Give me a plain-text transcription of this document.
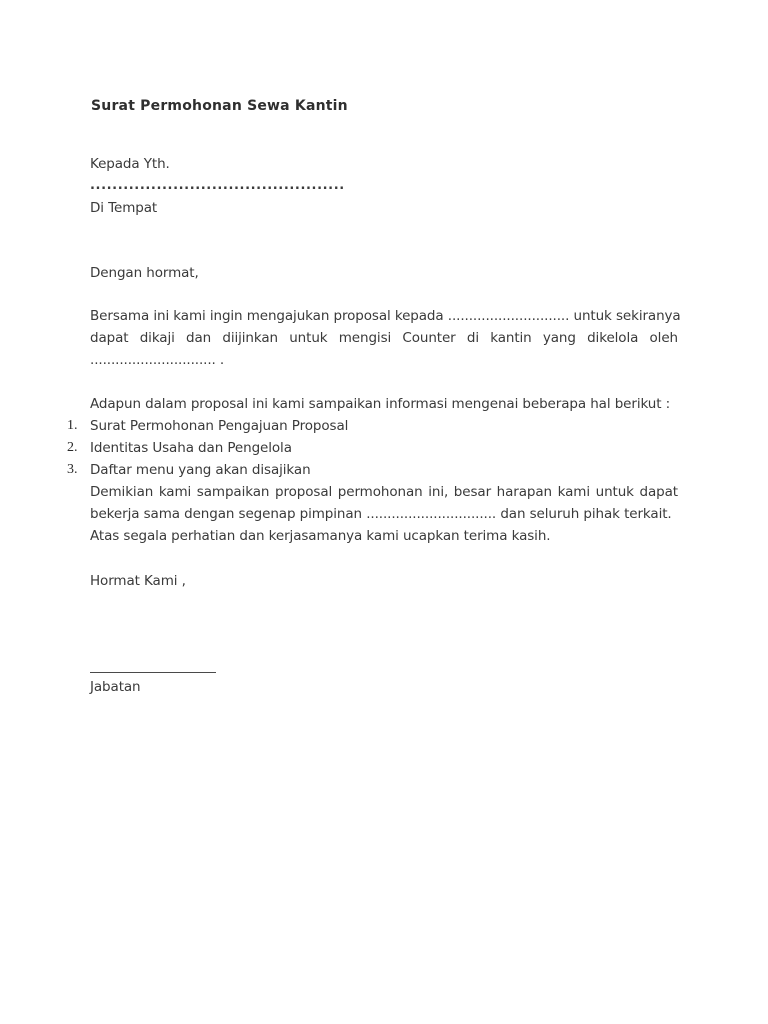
Surat Permohonan Sewa Kantin
Kepada Yth.
..............................................
Di Tempat
Dengan hormat,
Bersama ini kami ingin mengajukan proposal kepada ............................. untuk sekiranya
dapat dikaji dan diijinkan untuk mengisi Counter di kantin yang dikelola oleh
.............................. .
Adapun dalam proposal ini kami sampaikan informasi mengenai beberapa hal berikut :
1. Surat Permohonan Pengajuan Proposal
2. Identitas Usaha dan Pengelola
3. Daftar menu yang akan disajikan
Demikian kami sampaikan proposal permohonan ini, besar harapan kami untuk dapat
bekerja sama dengan segenap pimpinan ............................... dan seluruh pihak terkait.
Atas segala perhatian dan kerjasamanya kami ucapkan terima kasih.
Hormat Kami ,
Jabatan
